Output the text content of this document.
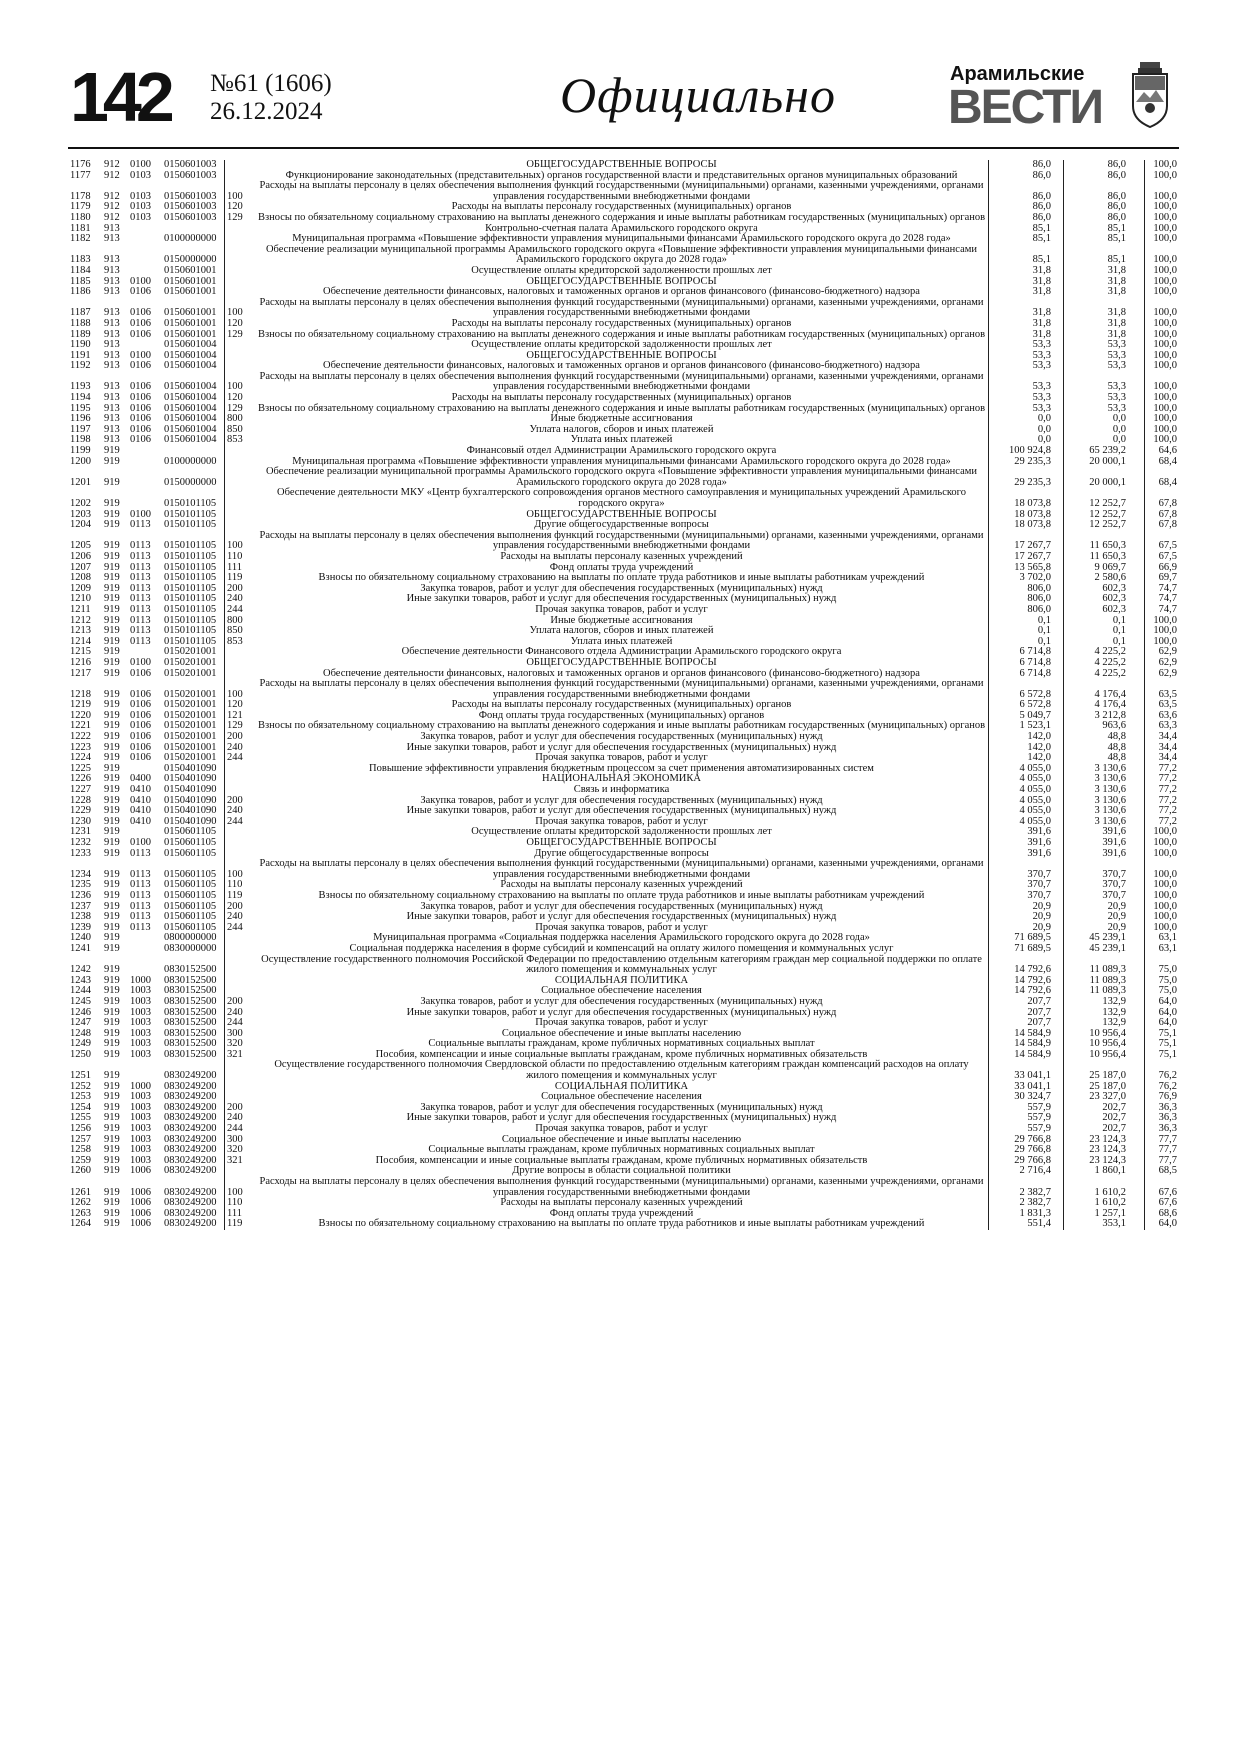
142 №61 (1606)
26.12.2024	Официально	Арамильские
ВЕСТИ
1176	912	0100	0150601003		ОБЩЕГОСУДАРСТВЕННЫЕ ВОПРОСЫ	86,0	86,0	100,0
1177	912	0103	0150601003		Функционирование законодательных (представительных) органов государственной власти и представительных органов муниципальных образований	86,0	86,0	100,0
1178	912	0103	0150601003	100	Расходы на выплаты персоналу в целях обеспечения выполнения функций государственными (муниципальными) органами, казенными учреждениями, органами управления государственными внебюджетными фондами	86,0	86,0	100,0
1179	912	0103	0150601003	120	Расходы на выплаты персоналу государственных (муниципальных) органов	86,0	86,0	100,0
1180	912	0103	0150601003	129	Взносы по обязательному социальному страхованию на выплаты денежного содержания и иные выплаты работникам государственных (муниципальных) органов	86,0	86,0	100,0
1181	913				Контрольно-счетная палата Арамильского городского округа	85,1	85,1	100,0
1182	913		0100000000		Муниципальная программа «Повышение эффективности управления муниципальными финансами Арамильского городского округа до 2028 года»	85,1	85,1	100,0
1183	913		0150000000		Обеспечение реализации муниципальной программы Арамильского городского округа «Повышение эффективности управления муниципальными финансами Арамильского городского округа до 2028 года»	85,1	85,1	100,0
1184	913		0150601001		Осуществление оплаты кредиторской задолженности прошлых лет	31,8	31,8	100,0
1185	913	0100	0150601001		ОБЩЕГОСУДАРСТВЕННЫЕ ВОПРОСЫ	31,8	31,8	100,0
1186	913	0106	0150601001		Обеспечение деятельности финансовых, налоговых и таможенных органов и органов финансового (финансово-бюджетного) надзора	31,8	31,8	100,0
1187	913	0106	0150601001	100	Расходы на выплаты персоналу в целях обеспечения выполнения функций государственными (муниципальными) органами, казенными учреждениями, органами управления государственными внебюджетными фондами	31,8	31,8	100,0
1188	913	0106	0150601001	120	Расходы на выплаты персоналу государственных (муниципальных) органов	31,8	31,8	100,0
1189	913	0106	0150601001	129	Взносы по обязательному социальному страхованию на выплаты денежного содержания и иные выплаты работникам государственных (муниципальных) органов	31,8	31,8	100,0
1190	913		0150601004		Осуществление оплаты кредиторской задолженности прошлых лет	53,3	53,3	100,0
1191	913	0100	0150601004		ОБЩЕГОСУДАРСТВЕННЫЕ ВОПРОСЫ	53,3	53,3	100,0
1192	913	0106	0150601004		Обеспечение деятельности финансовых, налоговых и таможенных органов и органов финансового (финансово-бюджетного) надзора	53,3	53,3	100,0
1193	913	0106	0150601004	100	Расходы на выплаты персоналу в целях обеспечения выполнения функций государственными (муниципальными) органами, казенными учреждениями, органами управления государственными внебюджетными фондами	53,3	53,3	100,0
1194	913	0106	0150601004	120	Расходы на выплаты персоналу государственных (муниципальных) органов	53,3	53,3	100,0
1195	913	0106	0150601004	129	Взносы по обязательному социальному страхованию на выплаты денежного содержания и иные выплаты работникам государственных (муниципальных) органов	53,3	53,3	100,0
1196	913	0106	0150601004	800	Иные бюджетные ассигнования	0,0	0,0	100,0
1197	913	0106	0150601004	850	Уплата налогов, сборов и иных платежей	0,0	0,0	100,0
1198	913	0106	0150601004	853	Уплата иных платежей	0,0	0,0	100,0
1199	919				Финансовый отдел Администрации Арамильского городского округа	100 924,8	65 239,2	64,6
1200	919		0100000000		Муниципальная программа «Повышение эффективности управления муниципальными финансами Арамильского городского округа до 2028 года»	29 235,3	20 000,1	68,4
1201	919		0150000000		Обеспечение реализации муниципальной программы Арамильского городского округа «Повышение эффективности управления муниципальными финансами Арамильского городского округа до 2028 года»	29 235,3	20 000,1	68,4
1202	919		0150101105		Обеспечение деятельности МКУ «Центр бухгалтерского сопровождения органов местного самоуправления и муниципальных учреждений Арамильского городского округа»	18 073,8	12 252,7	67,8
1203	919	0100	0150101105		ОБЩЕГОСУДАРСТВЕННЫЕ ВОПРОСЫ	18 073,8	12 252,7	67,8
1204	919	0113	0150101105		Другие общегосударственные вопросы	18 073,8	12 252,7	67,8
1205	919	0113	0150101105	100	Расходы на выплаты персоналу в целях обеспечения выполнения функций государственными (муниципальными) органами, казенными учреждениями, органами управления государственными внебюджетными фондами	17 267,7	11 650,3	67,5
1206	919	0113	0150101105	110	Расходы на выплаты персоналу казенных учреждений	17 267,7	11 650,3	67,5
1207	919	0113	0150101105	111	Фонд оплаты труда учреждений	13 565,8	9 069,7	66,9
1208	919	0113	0150101105	119	Взносы по обязательному социальному страхованию на выплаты по оплате труда работников и иные выплаты работникам учреждений	3 702,0	2 580,6	69,7
1209	919	0113	0150101105	200	Закупка товаров, работ и услуг для обеспечения государственных (муниципальных) нужд	806,0	602,3	74,7
1210	919	0113	0150101105	240	Иные закупки товаров, работ и услуг для обеспечения государственных (муниципальных) нужд	806,0	602,3	74,7
1211	919	0113	0150101105	244	Прочая закупка товаров, работ и услуг	806,0	602,3	74,7
1212	919	0113	0150101105	800	Иные бюджетные ассигнования	0,1	0,1	100,0
1213	919	0113	0150101105	850	Уплата налогов, сборов и иных платежей	0,1	0,1	100,0
1214	919	0113	0150101105	853	Уплата иных платежей	0,1	0,1	100,0
1215	919		0150201001		Обеспечение деятельности Финансового отдела Администрации Арамильского городского округа	6 714,8	4 225,2	62,9
1216	919	0100	0150201001		ОБЩЕГОСУДАРСТВЕННЫЕ ВОПРОСЫ	6 714,8	4 225,2	62,9
1217	919	0106	0150201001		Обеспечение деятельности финансовых, налоговых и таможенных органов и органов финансового (финансово-бюджетного) надзора	6 714,8	4 225,2	62,9
1218	919	0106	0150201001	100	Расходы на выплаты персоналу в целях обеспечения выполнения функций государственными (муниципальными) органами, казенными учреждениями, органами управления государственными внебюджетными фондами	6 572,8	4 176,4	63,5
1219	919	0106	0150201001	120	Расходы на выплаты персоналу государственных (муниципальных) органов	6 572,8	4 176,4	63,5
1220	919	0106	0150201001	121	Фонд оплаты труда государственных (муниципальных) органов	5 049,7	3 212,8	63,6
1221	919	0106	0150201001	129	Взносы по обязательному социальному страхованию на выплаты денежного содержания и иные выплаты работникам государственных (муниципальных) органов	1 523,1	963,6	63,3
1222	919	0106	0150201001	200	Закупка товаров, работ и услуг для обеспечения государственных (муниципальных) нужд	142,0	48,8	34,4
1223	919	0106	0150201001	240	Иные закупки товаров, работ и услуг для обеспечения государственных (муниципальных) нужд	142,0	48,8	34,4
1224	919	0106	0150201001	244	Прочая закупка товаров, работ и услуг	142,0	48,8	34,4
1225	919		0150401090		Повышение эффективности управления бюджетным процессом за счет применения автоматизированных систем	4 055,0	3 130,6	77,2
1226	919	0400	0150401090		НАЦИОНАЛЬНАЯ ЭКОНОМИКА	4 055,0	3 130,6	77,2
1227	919	0410	0150401090		Связь и информатика	4 055,0	3 130,6	77,2
1228	919	0410	0150401090	200	Закупка товаров, работ и услуг для обеспечения государственных (муниципальных) нужд	4 055,0	3 130,6	77,2
1229	919	0410	0150401090	240	Иные закупки товаров, работ и услуг для обеспечения государственных (муниципальных) нужд	4 055,0	3 130,6	77,2
1230	919	0410	0150401090	244	Прочая закупка товаров, работ и услуг	4 055,0	3 130,6	77,2
1231	919		0150601105		Осуществление оплаты кредиторской задолженности прошлых лет	391,6	391,6	100,0
1232	919	0100	0150601105		ОБЩЕГОСУДАРСТВЕННЫЕ ВОПРОСЫ	391,6	391,6	100,0
1233	919	0113	0150601105		Другие общегосударственные вопросы	391,6	391,6	100,0
1234	919	0113	0150601105	100	Расходы на выплаты персоналу в целях обеспечения выполнения функций государственными (муниципальными) органами, казенными учреждениями, органами управления государственными внебюджетными фондами	370,7	370,7	100,0
1235	919	0113	0150601105	110	Расходы на выплаты персоналу казенных учреждений	370,7	370,7	100,0
1236	919	0113	0150601105	119	Взносы по обязательному социальному страхованию на выплаты по оплате труда работников и иные выплаты работникам учреждений	370,7	370,7	100,0
1237	919	0113	0150601105	200	Закупка товаров, работ и услуг для обеспечения государственных (муниципальных) нужд	20,9	20,9	100,0
1238	919	0113	0150601105	240	Иные закупки товаров, работ и услуг для обеспечения государственных (муниципальных) нужд	20,9	20,9	100,0
1239	919	0113	0150601105	244	Прочая закупка товаров, работ и услуг	20,9	20,9	100,0
1240	919		0800000000		Муниципальная программа «Социальная поддержка населения Арамильского городского округа до 2028 года»	71 689,5	45 239,1	63,1
1241	919		0830000000		Социальная поддержка населения в форме субсидий и компенсаций на оплату жилого помещения и коммунальных услуг	71 689,5	45 239,1	63,1
1242	919		0830152500		Осуществление государственного полномочия Российской Федерации по предоставлению отдельным категориям граждан мер социальной поддержки по оплате жилого помещения и коммунальных услуг	14 792,6	11 089,3	75,0
1243	919	1000	0830152500		СОЦИАЛЬНАЯ ПОЛИТИКА	14 792,6	11 089,3	75,0
1244	919	1003	0830152500		Социальное обеспечение населения	14 792,6	11 089,3	75,0
1245	919	1003	0830152500	200	Закупка товаров, работ и услуг для обеспечения государственных (муниципальных) нужд	207,7	132,9	64,0
1246	919	1003	0830152500	240	Иные закупки товаров, работ и услуг для обеспечения государственных (муниципальных) нужд	207,7	132,9	64,0
1247	919	1003	0830152500	244	Прочая закупка товаров, работ и услуг	207,7	132,9	64,0
1248	919	1003	0830152500	300	Социальное обеспечение и иные выплаты населению	14 584,9	10 956,4	75,1
1249	919	1003	0830152500	320	Социальные выплаты гражданам, кроме публичных нормативных социальных выплат	14 584,9	10 956,4	75,1
1250	919	1003	0830152500	321	Пособия, компенсации и иные социальные выплаты гражданам, кроме публичных нормативных обязательств	14 584,9	10 956,4	75,1
1251	919		0830249200		Осуществление государственного полномочия Свердловской области по предоставлению отдельным категориям граждан компенсаций расходов на оплату жилого помещения и коммунальных услуг	33 041,1	25 187,0	76,2
1252	919	1000	0830249200		СОЦИАЛЬНАЯ ПОЛИТИКА	33 041,1	25 187,0	76,2
1253	919	1003	0830249200		Социальное обеспечение населения	30 324,7	23 327,0	76,9
1254	919	1003	0830249200	200	Закупка товаров, работ и услуг для обеспечения государственных (муниципальных) нужд	557,9	202,7	36,3
1255	919	1003	0830249200	240	Иные закупки товаров, работ и услуг для обеспечения государственных (муниципальных) нужд	557,9	202,7	36,3
1256	919	1003	0830249200	244	Прочая закупка товаров, работ и услуг	557,9	202,7	36,3
1257	919	1003	0830249200	300	Социальное обеспечение и иные выплаты населению	29 766,8	23 124,3	77,7
1258	919	1003	0830249200	320	Социальные выплаты гражданам, кроме публичных нормативных социальных выплат	29 766,8	23 124,3	77,7
1259	919	1003	0830249200	321	Пособия, компенсации и иные социальные выплаты гражданам, кроме публичных нормативных обязательств	29 766,8	23 124,3	77,7
1260	919	1006	0830249200		Другие вопросы в области социальной политики	2 716,4	1 860,1	68,5
1261	919	1006	0830249200	100	Расходы на выплаты персоналу в целях обеспечения выполнения функций государственными (муниципальными) органами, казенными учреждениями, органами управления государственными внебюджетными фондами	2 382,7	1 610,2	67,6
1262	919	1006	0830249200	110	Расходы на выплаты персоналу казенных учреждений	2 382,7	1 610,2	67,6
1263	919	1006	0830249200	111	Фонд оплаты труда учреждений	1 831,3	1 257,1	68,6
1264	919	1006	0830249200	119	Взносы по обязательному социальному страхованию на выплаты по оплате труда работников и иные выплаты работникам учреждений	551,4	353,1	64,0
